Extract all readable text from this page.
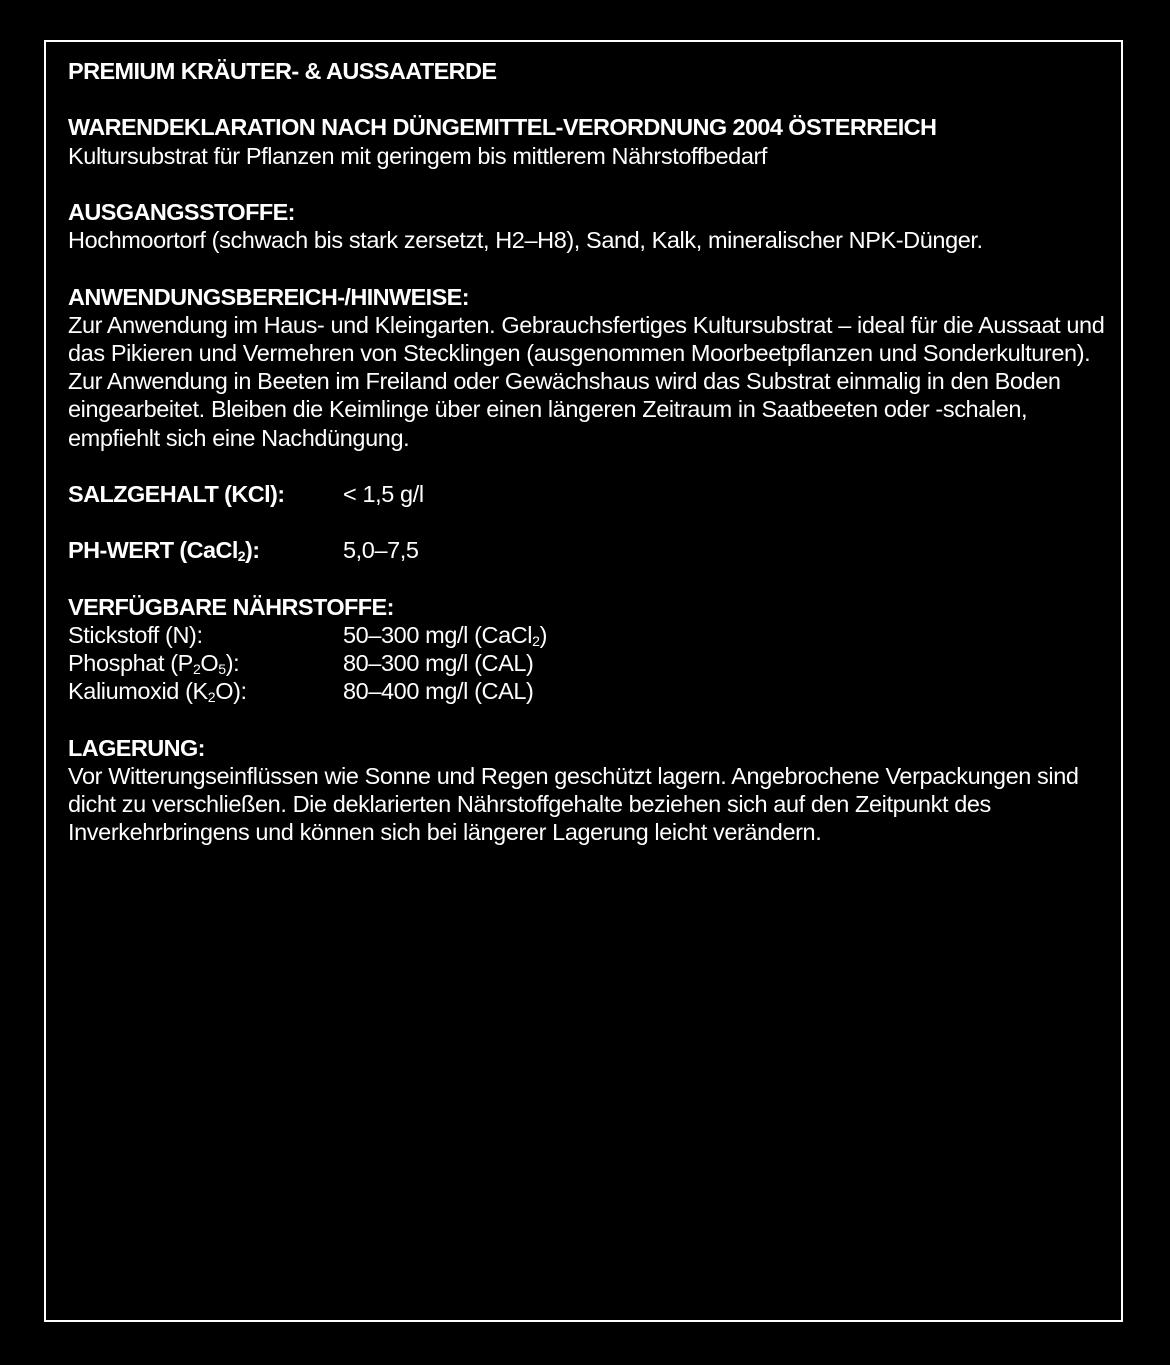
PREMIUM KRÄUTER- & AUSSAATERDE

WARENDEKLARATION NACH DÜNGEMITTEL-VERORDNUNG 2004 ÖSTERREICH

Kultursubstrat für Pflanzen mit geringem bis mittlerem Nährstoffbedarf

AUSGANGSSTOFFE:

Hochmoortorf (schwach bis stark zersetzt, H2–H8), Sand, Kalk, mineralischer NPK-Dünger.

ANWENDUNGSBEREICH-/HINWEISE:

Zur Anwendung im Haus- und Kleingarten. Gebrauchsfertiges Kultursubstrat – ideal für die Aussaat und das Pikieren und Vermehren von Stecklingen (ausgenommen Moorbeetpflanzen und Sonderkulturen). Zur Anwendung in Beeten im Freiland oder Gewächshaus wird das Substrat einmalig in den Boden eingearbeitet. Bleiben die Keimlinge über einen längeren Zeitraum in Saatbeeten oder -schalen, empfiehlt sich eine Nachdüngung.

SALZGEHALT (KCl):	< 1,5 g/l
PH-WERT (CaCl$_2$):	5,0–7,5

VERFÜGBARE NÄHRSTOFFE:

Stickstoff (N):	50–300 mg/l (CaCl$_2$)
Phosphat $(P_2O_5)$:	80–300 mg/l (CAL)
Kaliumoxid $(K_2O)$:	80–400 mg/l (CAL)

LAGERUNG:

Vor Witterungseinflüssen wie Sonne und Regen geschützt lagern. Angebrochene Verpackungen sind dicht zu verschließen. Die deklarierten Nährstoffgehalte beziehen sich auf den Zeitpunkt des Inverkehrbringens und können sich bei längerer Lagerung leicht verändern.
